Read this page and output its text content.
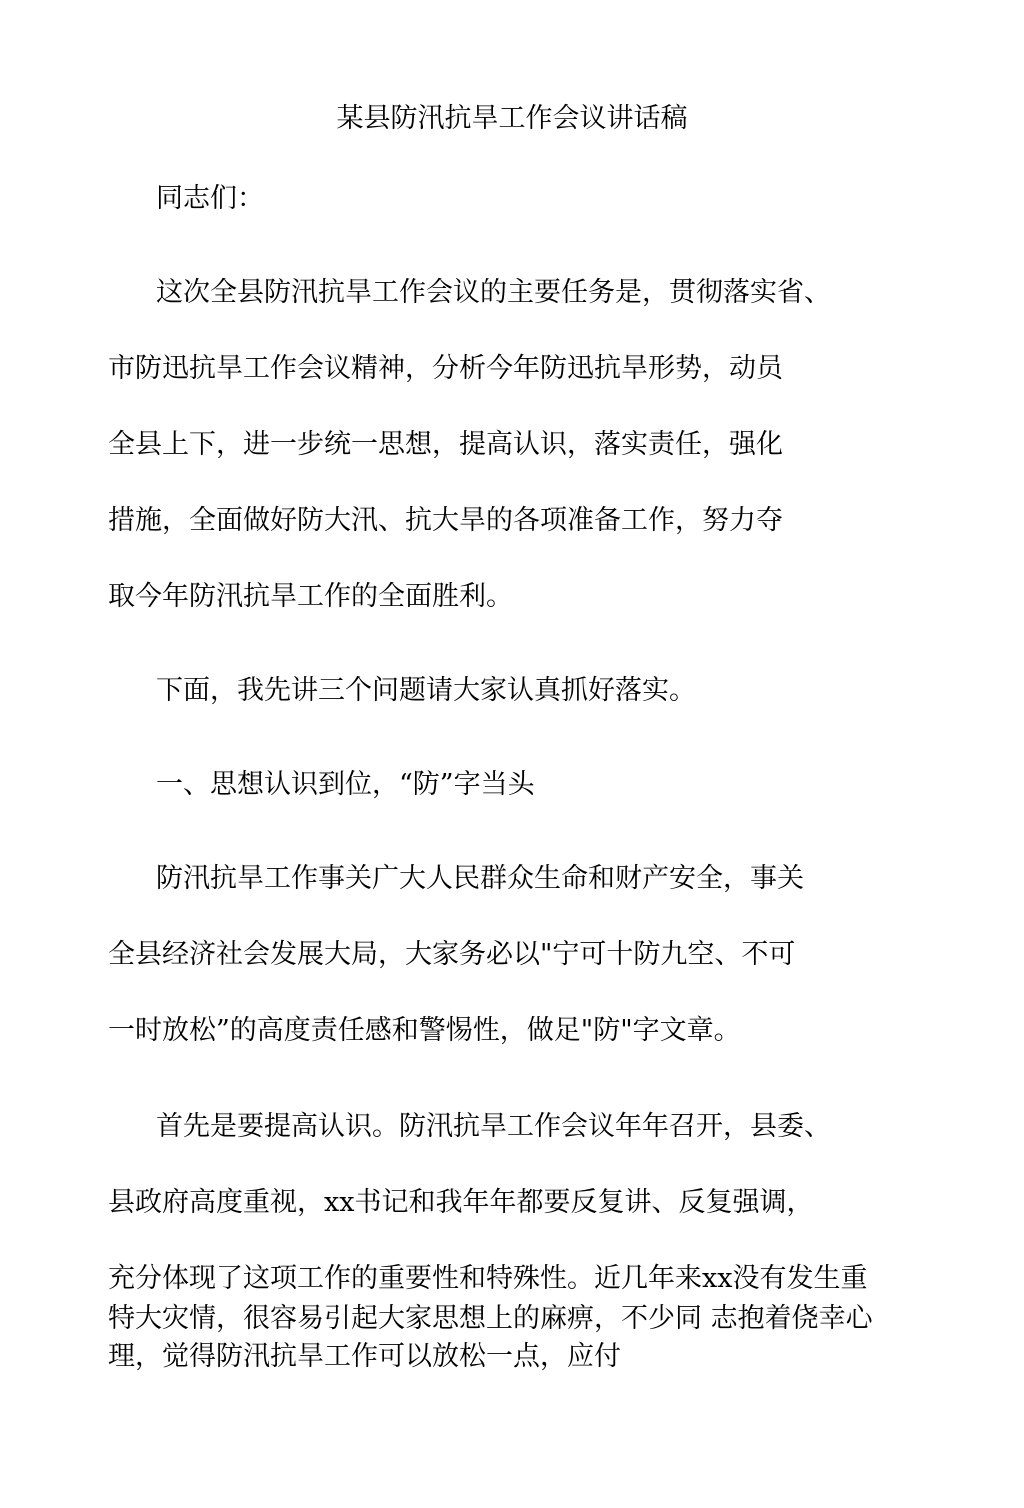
某县防汛抗旱工作会议讲话稿
同志们：
这次全县防汛抗旱工作会议的主要任务是，贯彻落实省、
市防迅抗旱工作会议精神，分析今年防迅抗旱形势，动员
全县上下，进一步统一思想，提高认识，落实责任，强化
措施，全面做好防大汛、抗大旱的各项准备工作，努力夺
取今年防汛抗旱工作的全面胜利。
下面，我先讲三个问题请大家认真抓好落实。
一、思想认识到位，“防”字当头
防汛抗旱工作事关广大人民群众生命和财产安全，事关
全县经济社会发展大局，大家务必以"宁可十防九空、不可
一时放松”的高度责任感和警惕性，做足"防"字文章。
首先是要提高认识。防汛抗旱工作会议年年召开，县委、
县政府高度重视，xx书记和我年年都要反复讲、反复强调，
充分体现了这项工作的重要性和特殊性。近几年来xx没有发生重
特大灾情，很容易引起大家思想上的麻痹，不少同 志抱着侥幸心
理，觉得防汛抗旱工作可以放松一点，应付
